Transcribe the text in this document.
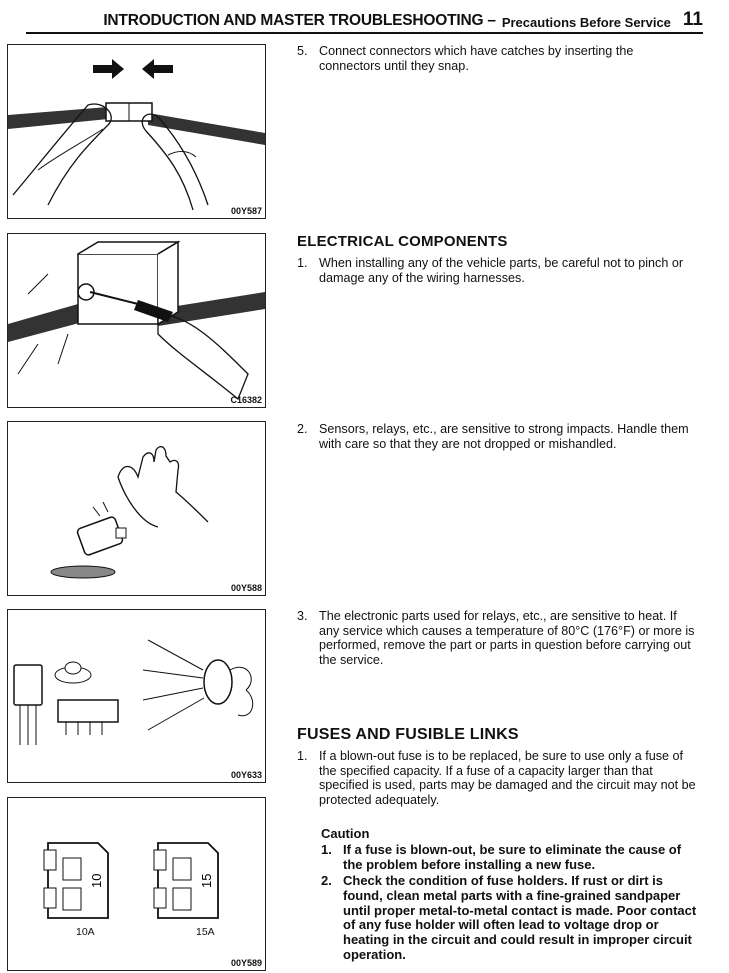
INTRODUCTION AND MASTER TROUBLESHOOTING – Precautions Before Service 11
00Y587
C16382
00Y588
00Y633
10	15
10A	15A
00Y589
5. Connect connectors which have catches by inserting the connectors until they snap.
ELECTRICAL COMPONENTS
1. When installing any of the vehicle parts, be careful not to pinch or damage any of the wiring harnesses.
2. Sensors, relays, etc., are sensitive to strong impacts. Handle them with care so that they are not dropped or mishandled.
3. The electronic parts used for relays, etc., are sensitive to heat. If any service which causes a temperature of 80°C (176°F) or more is performed, remove the part or parts in question before carrying out the service.
FUSES AND FUSIBLE LINKS
1. If a blown-out fuse is to be replaced, be sure to use only a fuse of the specified capacity. If a fuse of a capacity larger than that specified is used, parts may be damaged and the circuit may not be protected adequately.
Caution
1. If a fuse is blown-out, be sure to eliminate the cause of the problem before installing a new fuse.
2. Check the condition of fuse holders. If rust or dirt is found, clean metal parts with a fine-grained sandpaper until proper metal-to-metal contact is made. Poor contact of any fuse holder will often lead to voltage drop or heating in the circuit and could result in improper circuit operation.
